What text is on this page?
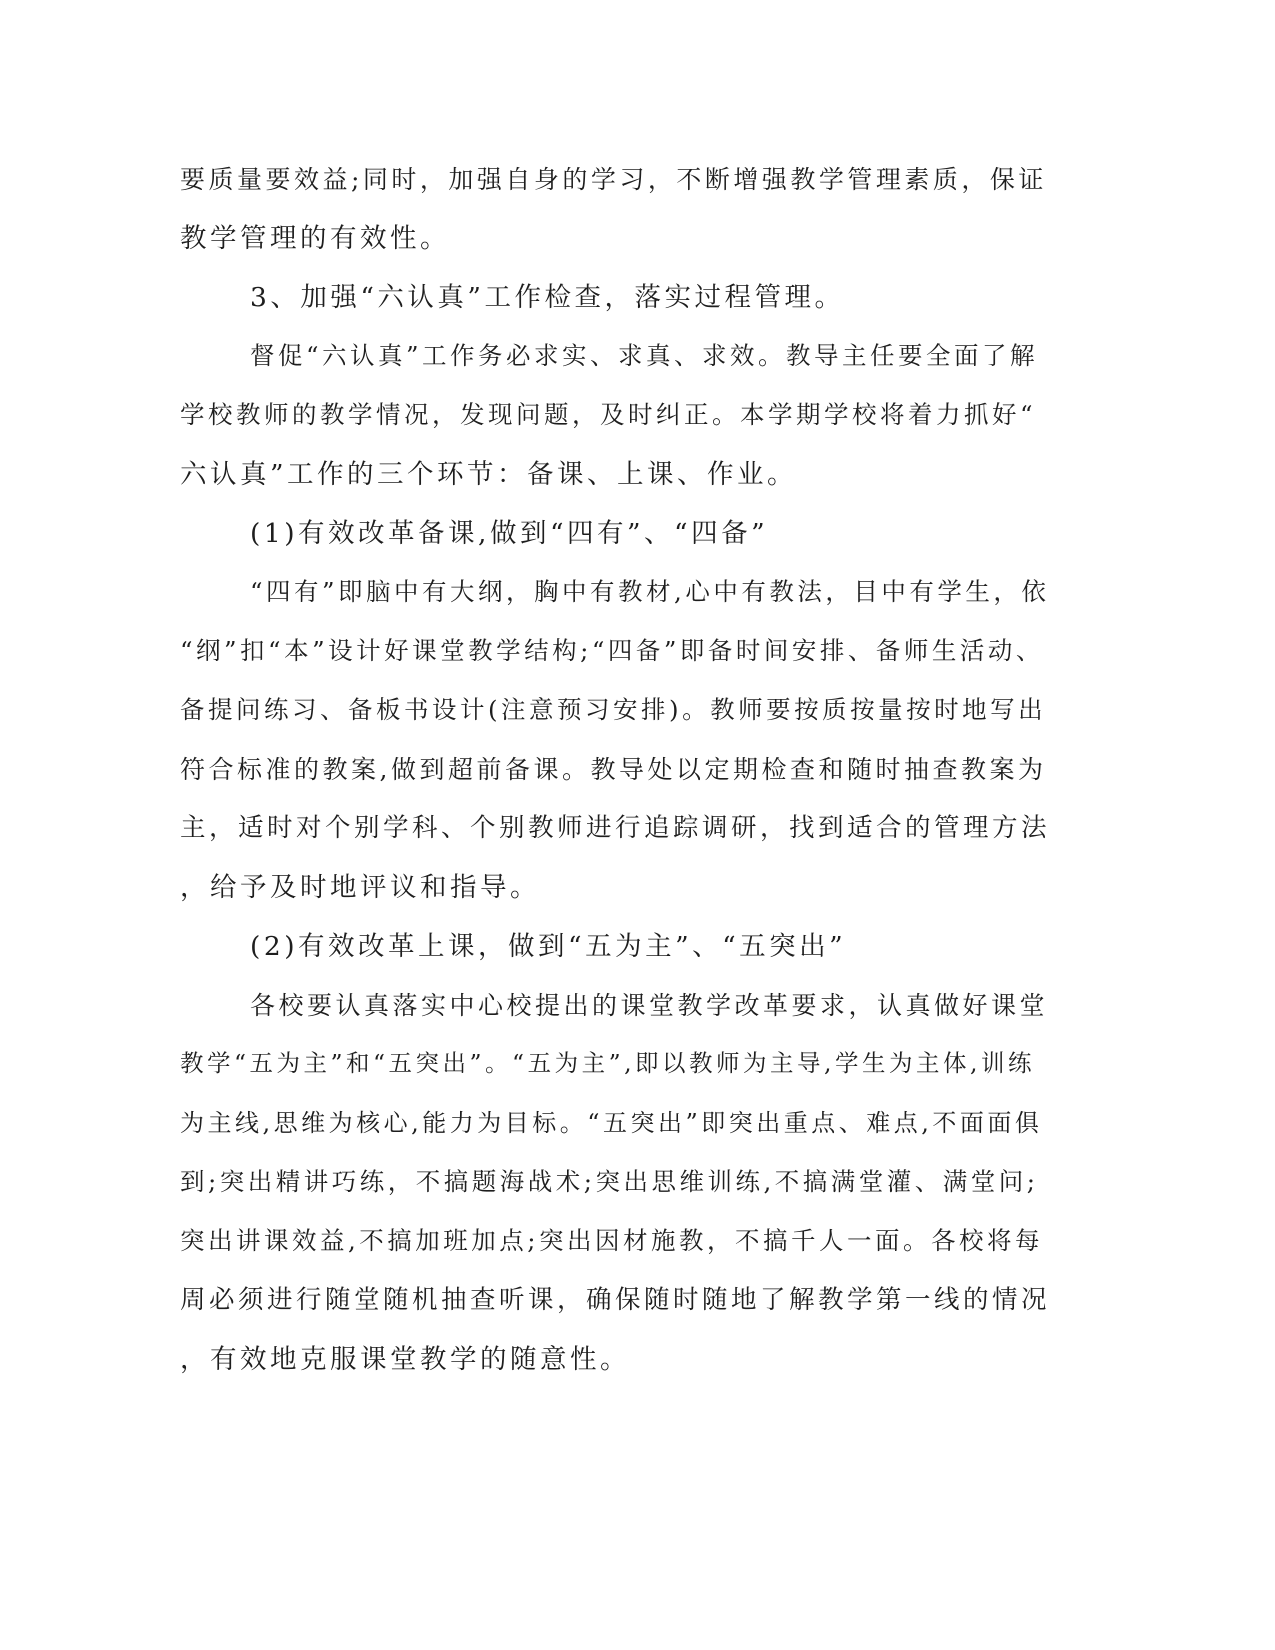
要质量要效益;同时，加强自身的学习，不断增强教学管理素质，保证
教学管理的有效性。
3、加强“六认真”工作检查，落实过程管理。
督促“六认真”工作务必求实、求真、求效。教导主任要全面了解
学校教师的教学情况，发现问题，及时纠正。本学期学校将着力抓好“
六认真”工作的三个环节：备课、上课、作业。
(1)有效改革备课,做到“四有”、“四备”
“四有”即脑中有大纲，胸中有教材,心中有教法，目中有学生，依
“纲”扣“本”设计好课堂教学结构;“四备”即备时间安排、备师生活动、
备提问练习、备板书设计(注意预习安排)。教师要按质按量按时地写出
符合标准的教案,做到超前备课。教导处以定期检查和随时抽查教案为
主，适时对个别学科、个别教师进行追踪调研，找到适合的管理方法
，给予及时地评议和指导。
(2)有效改革上课，做到“五为主”、“五突出”
各校要认真落实中心校提出的课堂教学改革要求，认真做好课堂
教学“五为主”和“五突出”。“五为主”,即以教师为主导,学生为主体,训练
为主线,思维为核心,能力为目标。“五突出”即突出重点、难点,不面面俱
到;突出精讲巧练，不搞题海战术;突出思维训练,不搞满堂灌、满堂问;
突出讲课效益,不搞加班加点;突出因材施教，不搞千人一面。各校将每
周必须进行随堂随机抽查听课，确保随时随地了解教学第一线的情况
，有效地克服课堂教学的随意性。
